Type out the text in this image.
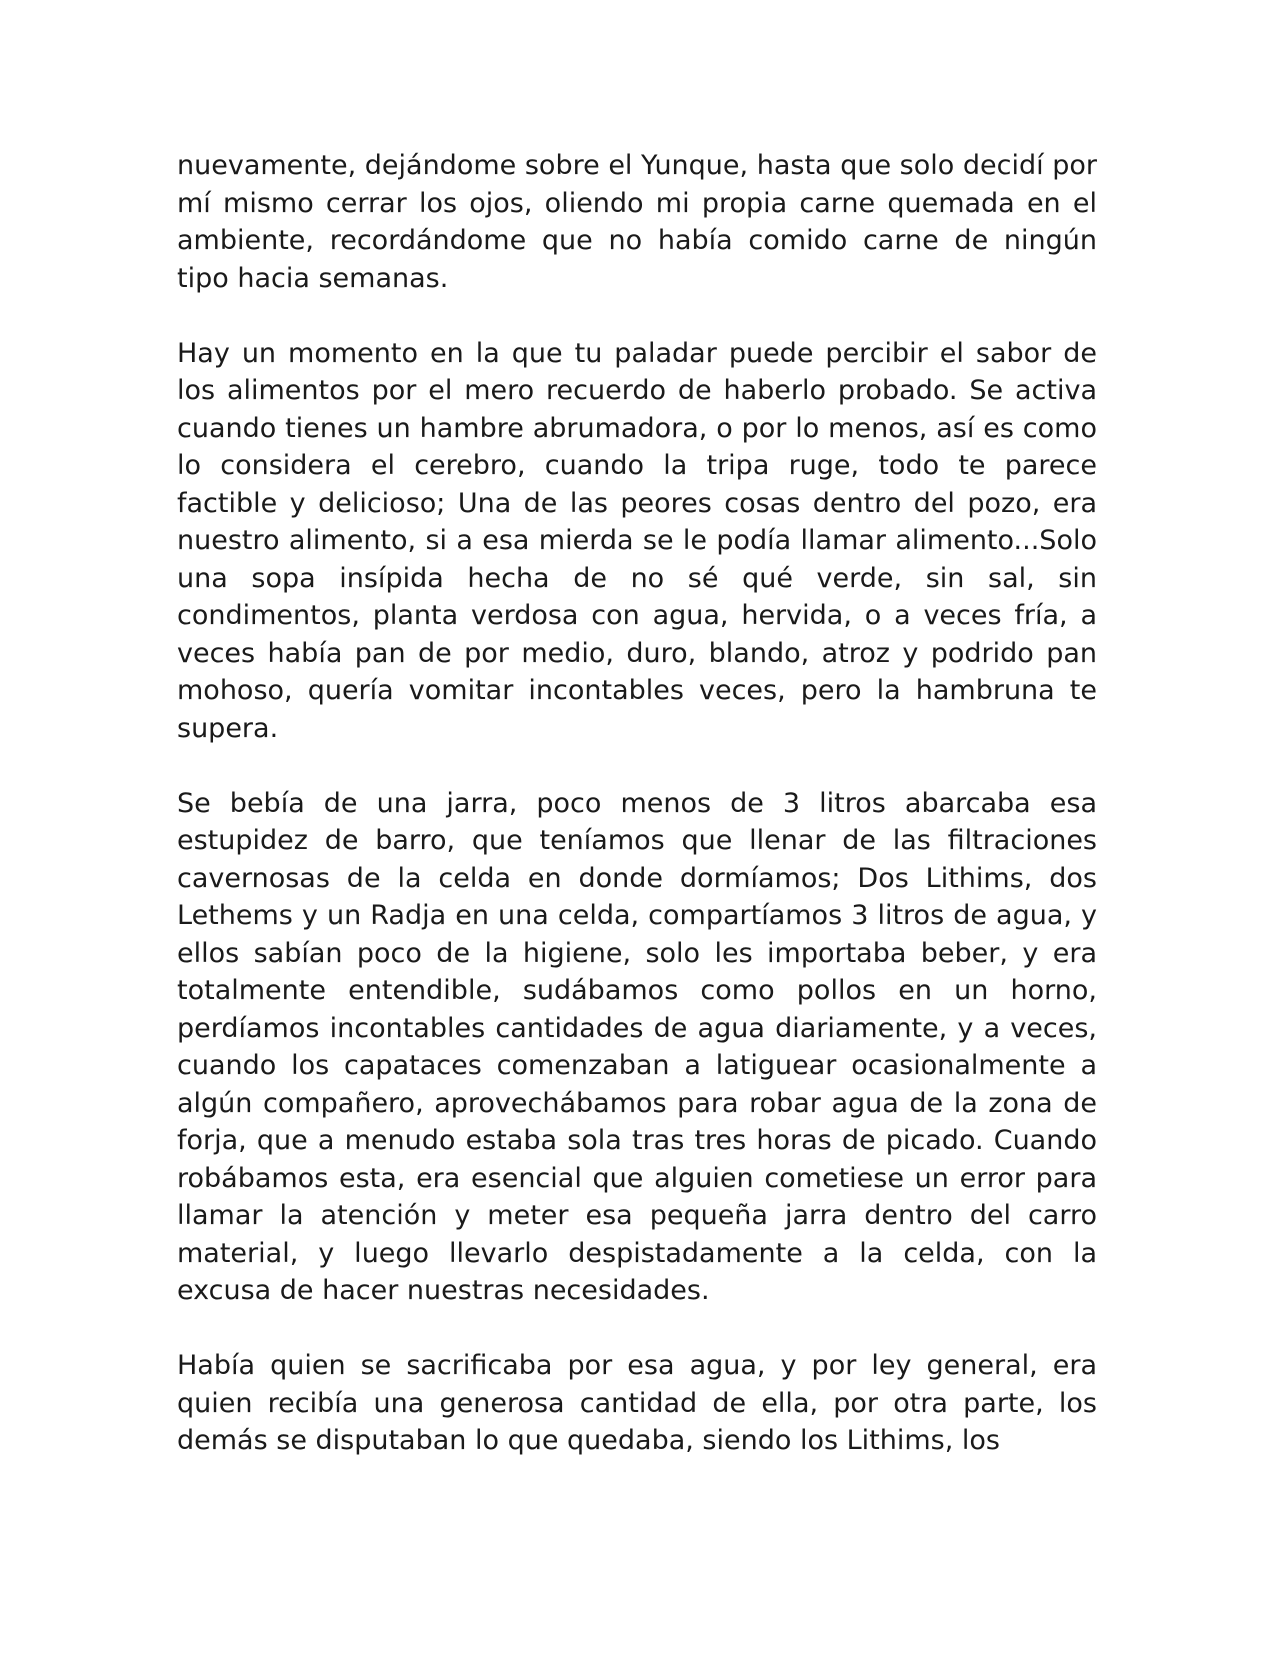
nuevamente, dejándome sobre el Yunque, hasta que solo decidí por mí mismo cerrar los ojos, oliendo mi propia carne quemada en el ambiente, recordándome que no había comido carne de ningún tipo hacia semanas.

Hay un momento en la que tu paladar puede percibir el sabor de los alimentos por el mero recuerdo de haberlo probado. Se activa cuando tienes un hambre abrumadora, o por lo menos, así es como lo considera el cerebro, cuando la tripa ruge, todo te parece factible y delicioso; Una de las peores cosas dentro del pozo, era nuestro alimento, si a esa mierda se le podía llamar alimento...Solo una sopa insípida hecha de no sé qué verde, sin sal, sin condimentos, planta verdosa con agua, hervida, o a veces fría, a veces había pan de por medio, duro, blando, atroz y podrido pan mohoso, quería vomitar incontables veces, pero la hambruna te supera.

Se bebía de una jarra, poco menos de 3 litros abarcaba esa estupidez de barro, que teníamos que llenar de las filtraciones cavernosas de la celda en donde dormíamos; Dos Lithims, dos Lethems y un Radja en una celda, compartíamos 3 litros de agua, y ellos sabían poco de la higiene, solo les importaba beber, y era totalmente entendible, sudábamos como pollos en un horno, perdíamos incontables cantidades de agua diariamente, y a veces, cuando los capataces comenzaban a latiguear ocasionalmente a algún compañero, aprovechábamos para robar agua de la zona de forja, que a menudo estaba sola tras tres horas de picado. Cuando robábamos esta, era esencial que alguien cometiese un error para llamar la atención y meter esa pequeña jarra dentro del carro material, y luego llevarlo despistadamente a la celda, con la excusa de hacer nuestras necesidades.

Había quien se sacrificaba por esa agua, y por ley general, era quien recibía una generosa cantidad de ella, por otra parte, los demás se disputaban lo que quedaba, siendo los Lithims, los
